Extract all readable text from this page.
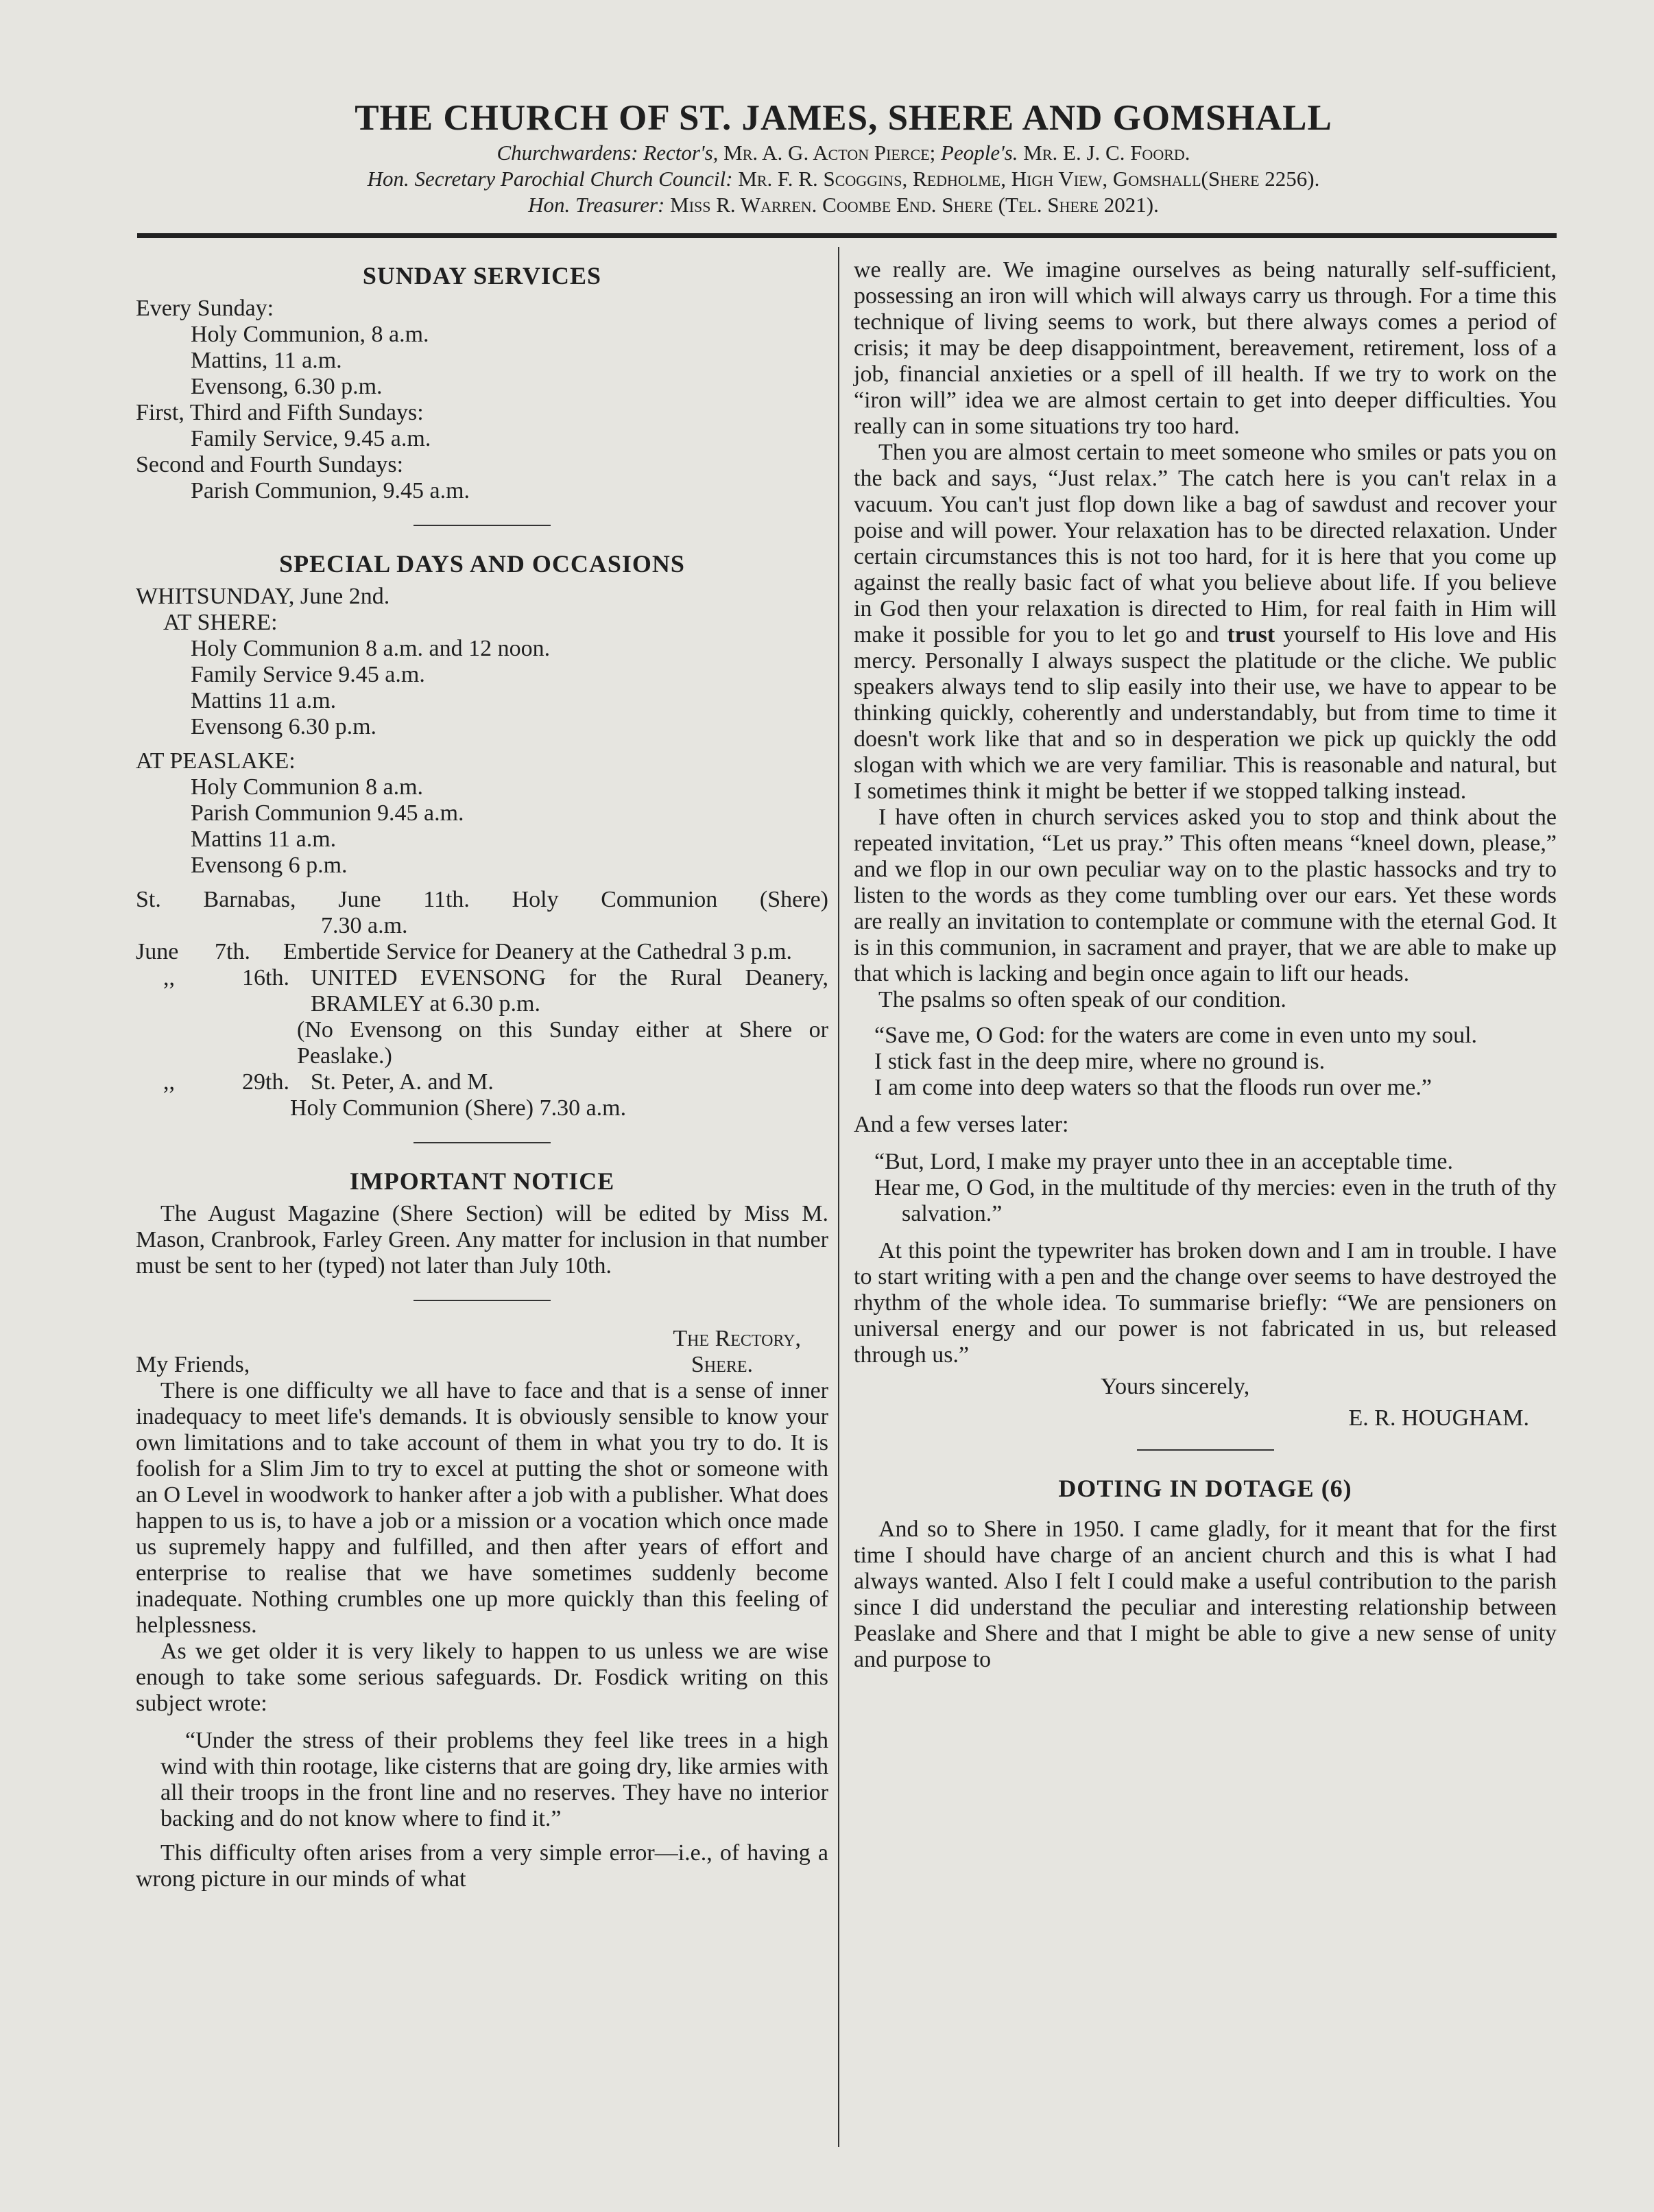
THE CHURCH OF ST. JAMES, SHERE AND GOMSHALL
Churchwardens: Rector's, Mr. A. G. Acton Pierce; People's. Mr. E. J. C. Foord.
Hon. Secretary Parochial Church Council: Mr. F. R. Scoggins, Redholme, High View, Gomshall(Shere 2256).
Hon. Treasurer: Miss R. Warren. Coombe End. Shere (Tel. Shere 2021).
SUNDAY SERVICES

Every Sunday:

Holy Communion, 8 a.m.

Mattins, 11 a.m.

Evensong, 6.30 p.m.

First, Third and Fifth Sundays:

Family Service, 9.45 a.m.

Second and Fourth Sundays:

Parish Communion, 9.45 a.m.

SPECIAL DAYS AND OCCASIONS

WHITSUNDAY, June 2nd.

AT SHERE:

Holy Communion 8 a.m. and 12 noon.

Family Service 9.45 a.m.

Mattins 11 a.m.

Evensong 6.30 p.m.

AT PEASLAKE:

Holy Communion 8 a.m.

Parish Communion 9.45 a.m.

Mattins 11 a.m.

Evensong 6 p.m.

St. Barnabas, June 11th. Holy Communion (Shere)

7.30 a.m.

June	7th.	Embertide Service for Deanery at the Cathedral 3 p.m.
,,	16th. UNITED EVENSONG for the Rural Deanery, BRAMLEY at 6.30 p.m.
(No Evensong on this Sunday either at Shere or Peaslake.)
,,	29th. St. Peter, A. and M.
Holy Communion (Shere) 7.30 a.m.
IMPORTANT NOTICE

The August Magazine (Shere Section) will be edited by Miss M. Mason, Cranbrook, Farley Green. Any matter for inclusion in that number must be sent to her (typed) not later than July 10th.

The Rectory,

My Friends,	Shere.

There is one difficulty we all have to face and that is a sense of inner inadequacy to meet life's demands. It is obviously sensible to know your own limitations and to take account of them in what you try to do. It is foolish for a Slim Jim to try to excel at putting the shot or someone with an O Level in woodwork to hanker after a job with a publisher. What does happen to us is, to have a job or a mission or a vocation which once made us supremely happy and fulfilled, and then after years of effort and enterprise to realise that we have sometimes suddenly become inadequate. Nothing crumbles one up more quickly than this feeling of helplessness.

As we get older it is very likely to happen to us unless we are wise enough to take some serious safeguards. Dr. Fosdick writing on this subject wrote:

“Under the stress of their problems they feel like trees in a high wind with thin rootage, like cisterns that are going dry, like armies with all their troops in the front line and no reserves. They have no interior backing and do not know where to find it.”

This difficulty often arises from a very simple error—i.e., of having a wrong picture in our minds of what

we really are. We imagine ourselves as being naturally self-sufficient, possessing an iron will which will always carry us through. For a time this technique of living seems to work, but there always comes a period of crisis; it may be deep disappointment, bereavement, retirement, loss of a job, financial anxieties or a spell of ill health. If we try to work on the “iron will” idea we are almost certain to get into deeper difficulties. You really can in some situations try too hard.

Then you are almost certain to meet someone who smiles or pats you on the back and says, “Just relax.” The catch here is you can't relax in a vacuum. You can't just flop down like a bag of sawdust and recover your poise and will power. Your relaxation has to be directed relaxation. Under certain circumstances this is not too hard, for it is here that you come up against the really basic fact of what you believe about life. If you believe in God then your relaxation is directed to Him, for real faith in Him will make it possible for you to let go and trust yourself to His love and His mercy. Personally I always suspect the platitude or the cliche. We public speakers always tend to slip easily into their use, we have to appear to be thinking quickly, coherently and understandably, but from time to time it doesn't work like that and so in desperation we pick up quickly the odd slogan with which we are very familiar. This is reasonable and natural, but I sometimes think it might be better if we stopped talking instead.

I have often in church services asked you to stop and think about the repeated invitation, “Let us pray.” This often means “kneel down, please,” and we flop in our own peculiar way on to the plastic hassocks and try to listen to the words as they come tumbling over our ears. Yet these words are really an invitation to contemplate or commune with the eternal God. It is in this communion, in sacrament and prayer, that we are able to make up that which is lacking and begin once again to lift our heads.

The psalms so often speak of our condition.

“Save me, O God: for the waters are come in even unto my soul.

I stick fast in the deep mire, where no ground is.

I am come into deep waters so that the floods run over me.”

And a few verses later:

“But, Lord, I make my prayer unto thee in an acceptable time.

Hear me, O God, in the multitude of thy mercies: even in the truth of thy salvation.”

At this point the typewriter has broken down and I am in trouble. I have to start writing with a pen and the change over seems to have destroyed the rhythm of the whole idea. To summarise briefly: “We are pensioners on universal energy and our power is not fabricated in us, but released through us.”

Yours sincerely,

E. R. HOUGHAM.

DOTING IN DOTAGE (6)

And so to Shere in 1950. I came gladly, for it meant that for the first time I should have charge of an ancient church and this is what I had always wanted. Also I felt I could make a useful contribution to the parish since I did understand the peculiar and interesting relationship between Peaslake and Shere and that I might be able to give a new sense of unity and purpose to
